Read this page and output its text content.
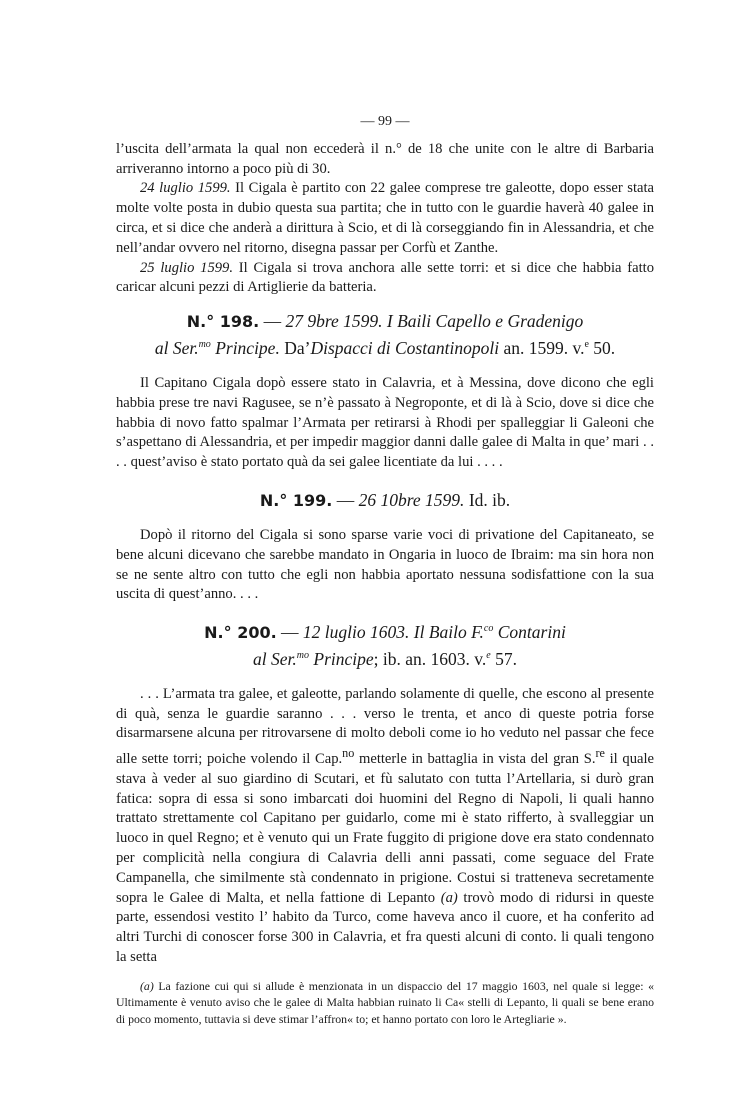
— 99 —

l’uscita dell’armata la qual non eccederà il n.° de 18 che unite con le altre di Barbaria arriveranno intorno a poco più di 30.

24 luglio 1599. Il Cigala è partito con 22 galee comprese tre galeotte, dopo esser stata molte volte posta in dubio questa sua partita; che in tutto con le guardie haverà 40 galee in circa, et si dice che anderà a dirittura à Scio, et di là corseggiando fin in Alessandria, et che nell’andar ovvero nel ritorno, disegna passar per Corfù et Zanthe.

25 luglio 1599. Il Cigala si trova anchora alle sette torri: et si dice che habbia fatto caricar alcuni pezzi di Artiglierie da batteria.

N.° 198. — 27 9bre 1599. I Baili Capello e Gradenigo
al Ser.$^{mo}$ Principe. Da’Dispacci di Costantinopoli an. 1599. v.$^e$ 50.

Il Capitano Cigala dopò essere stato in Calavria, et à Messina, dove dicono che egli habbia prese tre navi Ragusee, se n’è passato à Negroponte, et di là à Scio, dove si dice che habbia di novo fatto spalmar l’Armata per retirarsi à Rhodi per spalleggiar li Galeoni che s’aspettano di Alessandria, et per impedir maggior danni dalle galee di Malta in que’ mari . . . . quest’aviso è stato portato quà da sei galee licentiate da lui . . . .

N.° 199. — 26 10bre 1599. Id. ib.

Dopò il ritorno del Cigala si sono sparse varie voci di privatione del Capitaneato, se bene alcuni dicevano che sarebbe mandato in Ongaria in luoco de Ibraim: ma sin hora non se ne sente altro con tutto che egli non habbia aportato nessuna sodisfattione con la sua uscita di quest’anno. . . .

N.° 200. — 12 luglio 1603. Il Bailo F.$^{co}$ Contarini
al Ser.$^{mo}$ Principe; ib. an. 1603. v.$^e$ 57.

. . . L’armata tra galee, et galeotte, parlando solamente di quelle, che escono al presente di quà, senza le guardie saranno . . . verso le trenta, et anco di queste potria forse disarmarsene alcuna per ritrovarsene di molto deboli come io ho veduto nel passar che fece alle sette torri; poiche volendo il Cap.$^{no}$ metterle in battaglia in vista del gran S.$^{re}$ il quale stava à veder al suo giardino di Scutari, et fù salutato con tutta l’Artellaria, si durò gran fatica: sopra di essa si sono imbarcati doi huomini del Regno di Napoli, li quali hanno trattato strettamente col Capitano per guidarlo, come mi è stato rifferto, à svalleggiar un luoco in quel Regno; et è venuto qui un Frate fuggito di prigione dove era stato condennato per complicità nella congiura di Calavria delli anni passati, come seguace del Frate Campanella, che similmente stà condennato in prigione. Costui si tratteneva secretamente sopra le Galee di Malta, et nella fattione di Lepanto (a) trovò modo di ridursi in queste parte, essendosi vestito l’ habito da Turco, come haveva anco il cuore, et ha conferito ad altri Turchi di conoscer forse 300 in Calavria, et fra questi alcuni di conto. li quali tengono la setta

(a) La fazione cui qui si allude è menzionata in un dispaccio del 17 maggio 1603, nel quale si legge: « Ultimamente è venuto aviso che le galee di Malta habbian ruinato li Ca« stelli di Lepanto, li quali se bene erano di poco momento, tuttavia si deve stimar l’affron« to; et hanno portato con loro le Artegliarie ».
